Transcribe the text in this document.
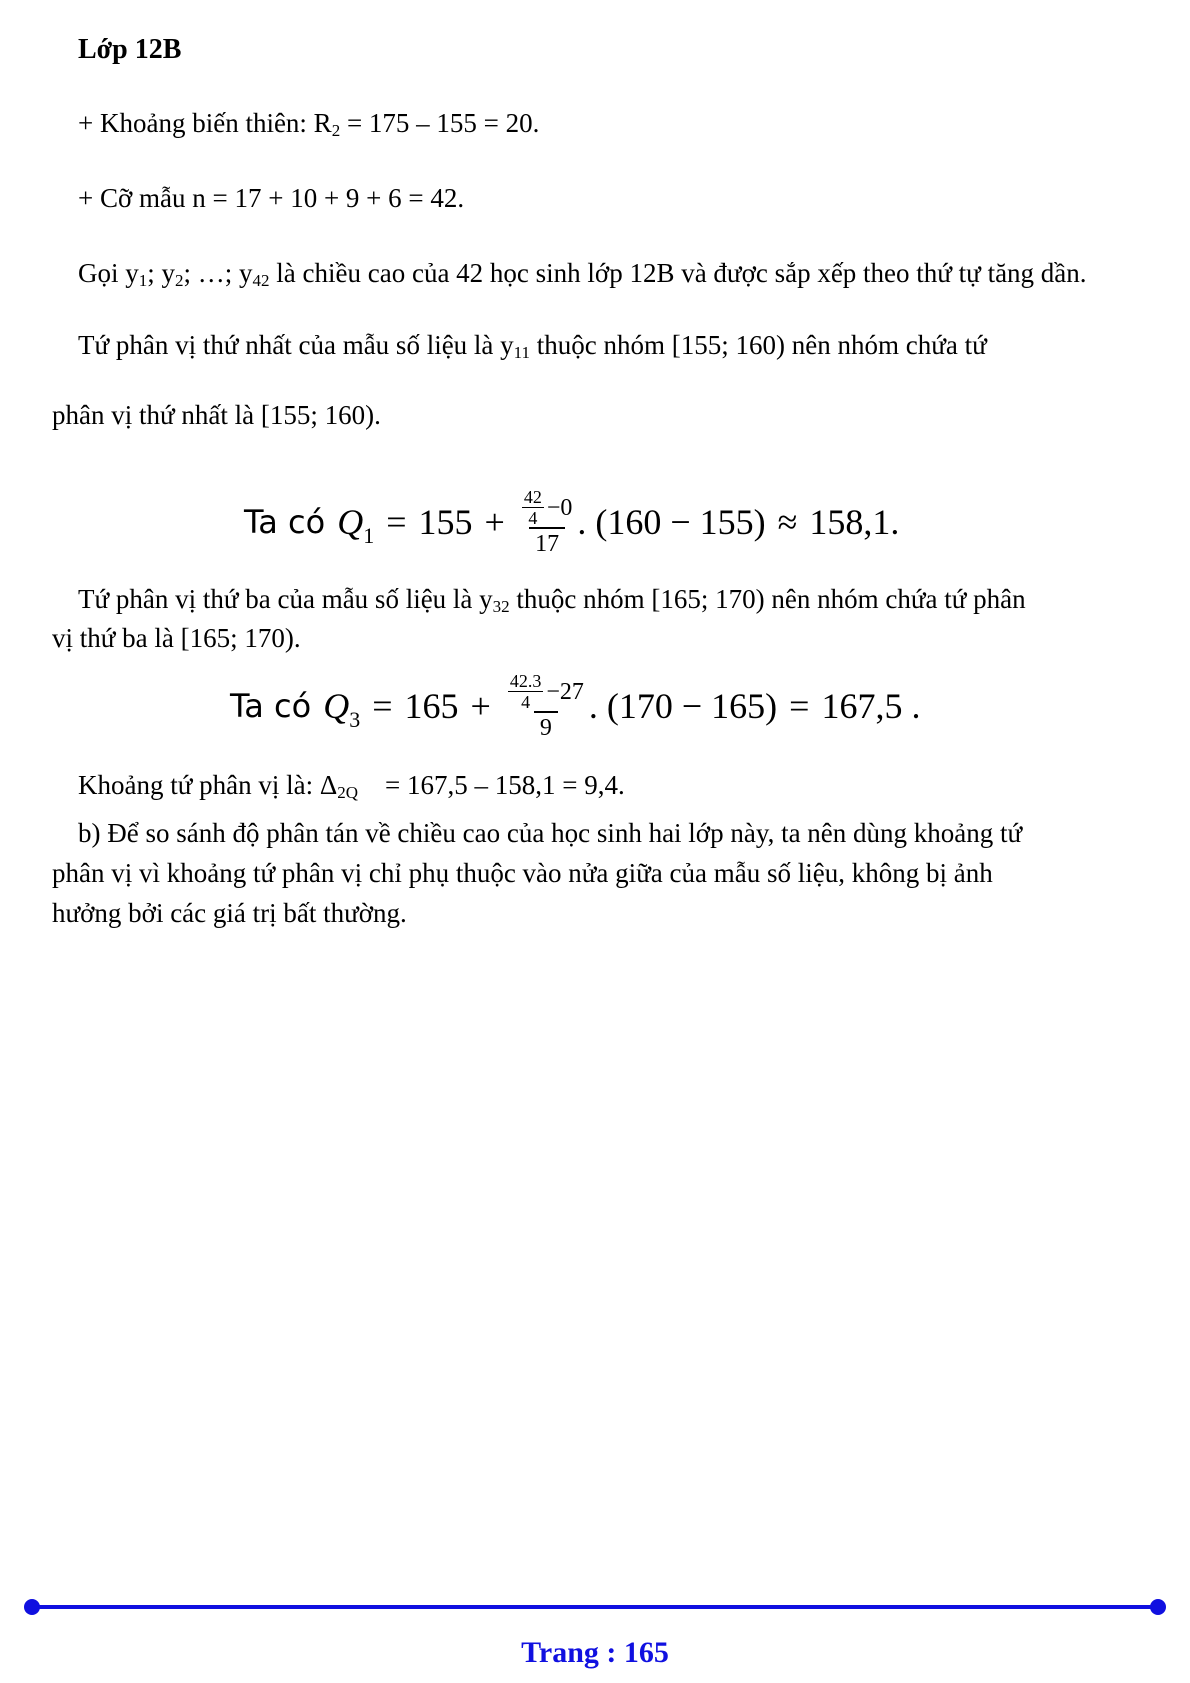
Lớp 12B
+ Khoảng biến thiên: $R_2 = 175 - 155 = 20$.
+ Cỡ mẫu n = 17 + 10 + 9 + 6 = 42.
Gọi $y_1$; $y_2$; …; $y_{42}$ là chiều cao của 42 học sinh lớp 12B và được sắp xếp theo thứ tự tăng dần.
Tứ phân vị thứ nhất của mẫu số liệu là $y_{11}$ thuộc nhóm [155; 160) nên nhóm chứa tứ
phân vị thứ nhất là [155; 160).
Ta có $Q_1 = 155 + 42$
4 −0
17 . (160 − 155) ≈ 158,1.
Tứ phân vị thứ ba của mẫu số liệu là $y_{32}$ thuộc nhóm [165; 170) nên nhóm chứa tứ phân
vị thứ ba là [165; 170).
Ta có $Q_3 = 165 + 42.3$
4 −27
9 . (170 − 165) = 167,5 .
Khoảng tứ phân vị là: $\Delta_{2Q}$    = 167,5 – 158,1 = 9,4.
b) Để so sánh độ phân tán về chiều cao của học sinh hai lớp này, ta nên dùng khoảng tứ
phân vị vì khoảng tứ phân vị chỉ phụ thuộc vào nửa giữa của mẫu số liệu, không bị ảnh
hưởng bởi các giá trị bất thường.
Trang : 165
